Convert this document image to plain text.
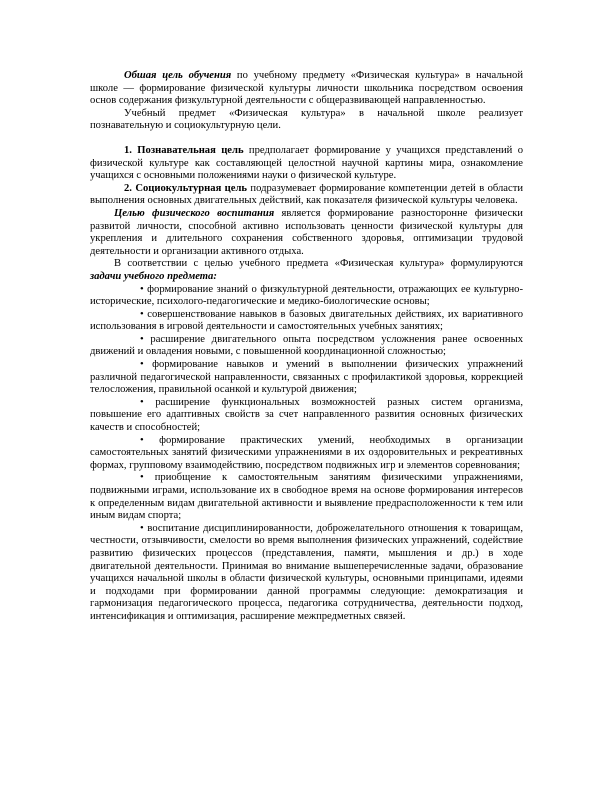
Обшая цель обучения по учебному предмету «Физическая культура» в начальной школе — формирование физической культуры личности школьника посредством освоения основ содержания физкультурной деятельности с общеразвивающей направленностью.

Учебный предмет «Физическая культура» в начальной школе реализует познавательную и социокультурную цели.

1. Познавательная цель предполагает формирование у учащихся представлений о физической культуре как составляющей целостной научной картины мира, ознакомление учащихся с основными положениями науки о физической культуре.

2. Социокультурная цель подразумевает формирование компетенции детей в области выполнения основных двигательных действий, как показателя физической культуры человека.

Целью физического воспитания является формирование разносторонне физически развитой личности, способной активно использовать ценности физической культуры для укрепления и длительного сохранения собственного здоровья, оптимизации трудовой деятельности и организации активного отдыха.

В соответствии с целью учебного предмета «Физическая культура» формулируются задачи учебного предмета:

• формирование знаний о физкультурной деятельности, отражающих ее культурно-исторические, психолого-педагогические и медико-биологические основы;

• совершенствование навыков в базовых двигательных действиях, их вариативного использования в игровой деятельности и самостоятельных учебных занятиях;

• расширение двигательного опыта посредством усложнения ранее освоенных движений и овладения новыми, с повышенной координационной сложностью;

• формирование навыков и умений в выполнении физических упражнений различной педагогической направленности, связанных с профилактикой здоровья, коррекцией телосложения, правильной осанкой и культурой движения;

• расширение функциональных возможностей разных систем организма, повышение его адаптивных свойств за счет направленного развития основных физических качеств и способностей;

• формирование практических умений, необходимых в организации самостоятельных занятий физическими упражнениями в их оздоровительных и рекреативных формах, групповому взаимодействию, посредством подвижных игр и элементов соревнования;

• приобщение к самостоятельным занятиям физическими упражнениями, подвижными играми, использование их в свободное время на основе формирования интересов к определенным видам двигательной активности и выявление предрасположенности к тем или иным видам спорта;

• воспитание дисциплинированности, доброжелательного отношения к товарищам, честности, отзывчивости, смелости во время выполнения физических упражнений, содействие развитию физических процессов (представления, памяти, мышления и др.) в ходе двигательной деятельности. Принимая во внимание вышеперечисленные задачи, образование учащихся начальной школы в области физической культуры, основными принципами, идеями и подходами при формировании данной программы следующие: демократизация и гармонизация педагогического процесса, педагогика сотрудничества, деятельности подход, интенсификация и оптимизация, расширение межпредметных связей.
